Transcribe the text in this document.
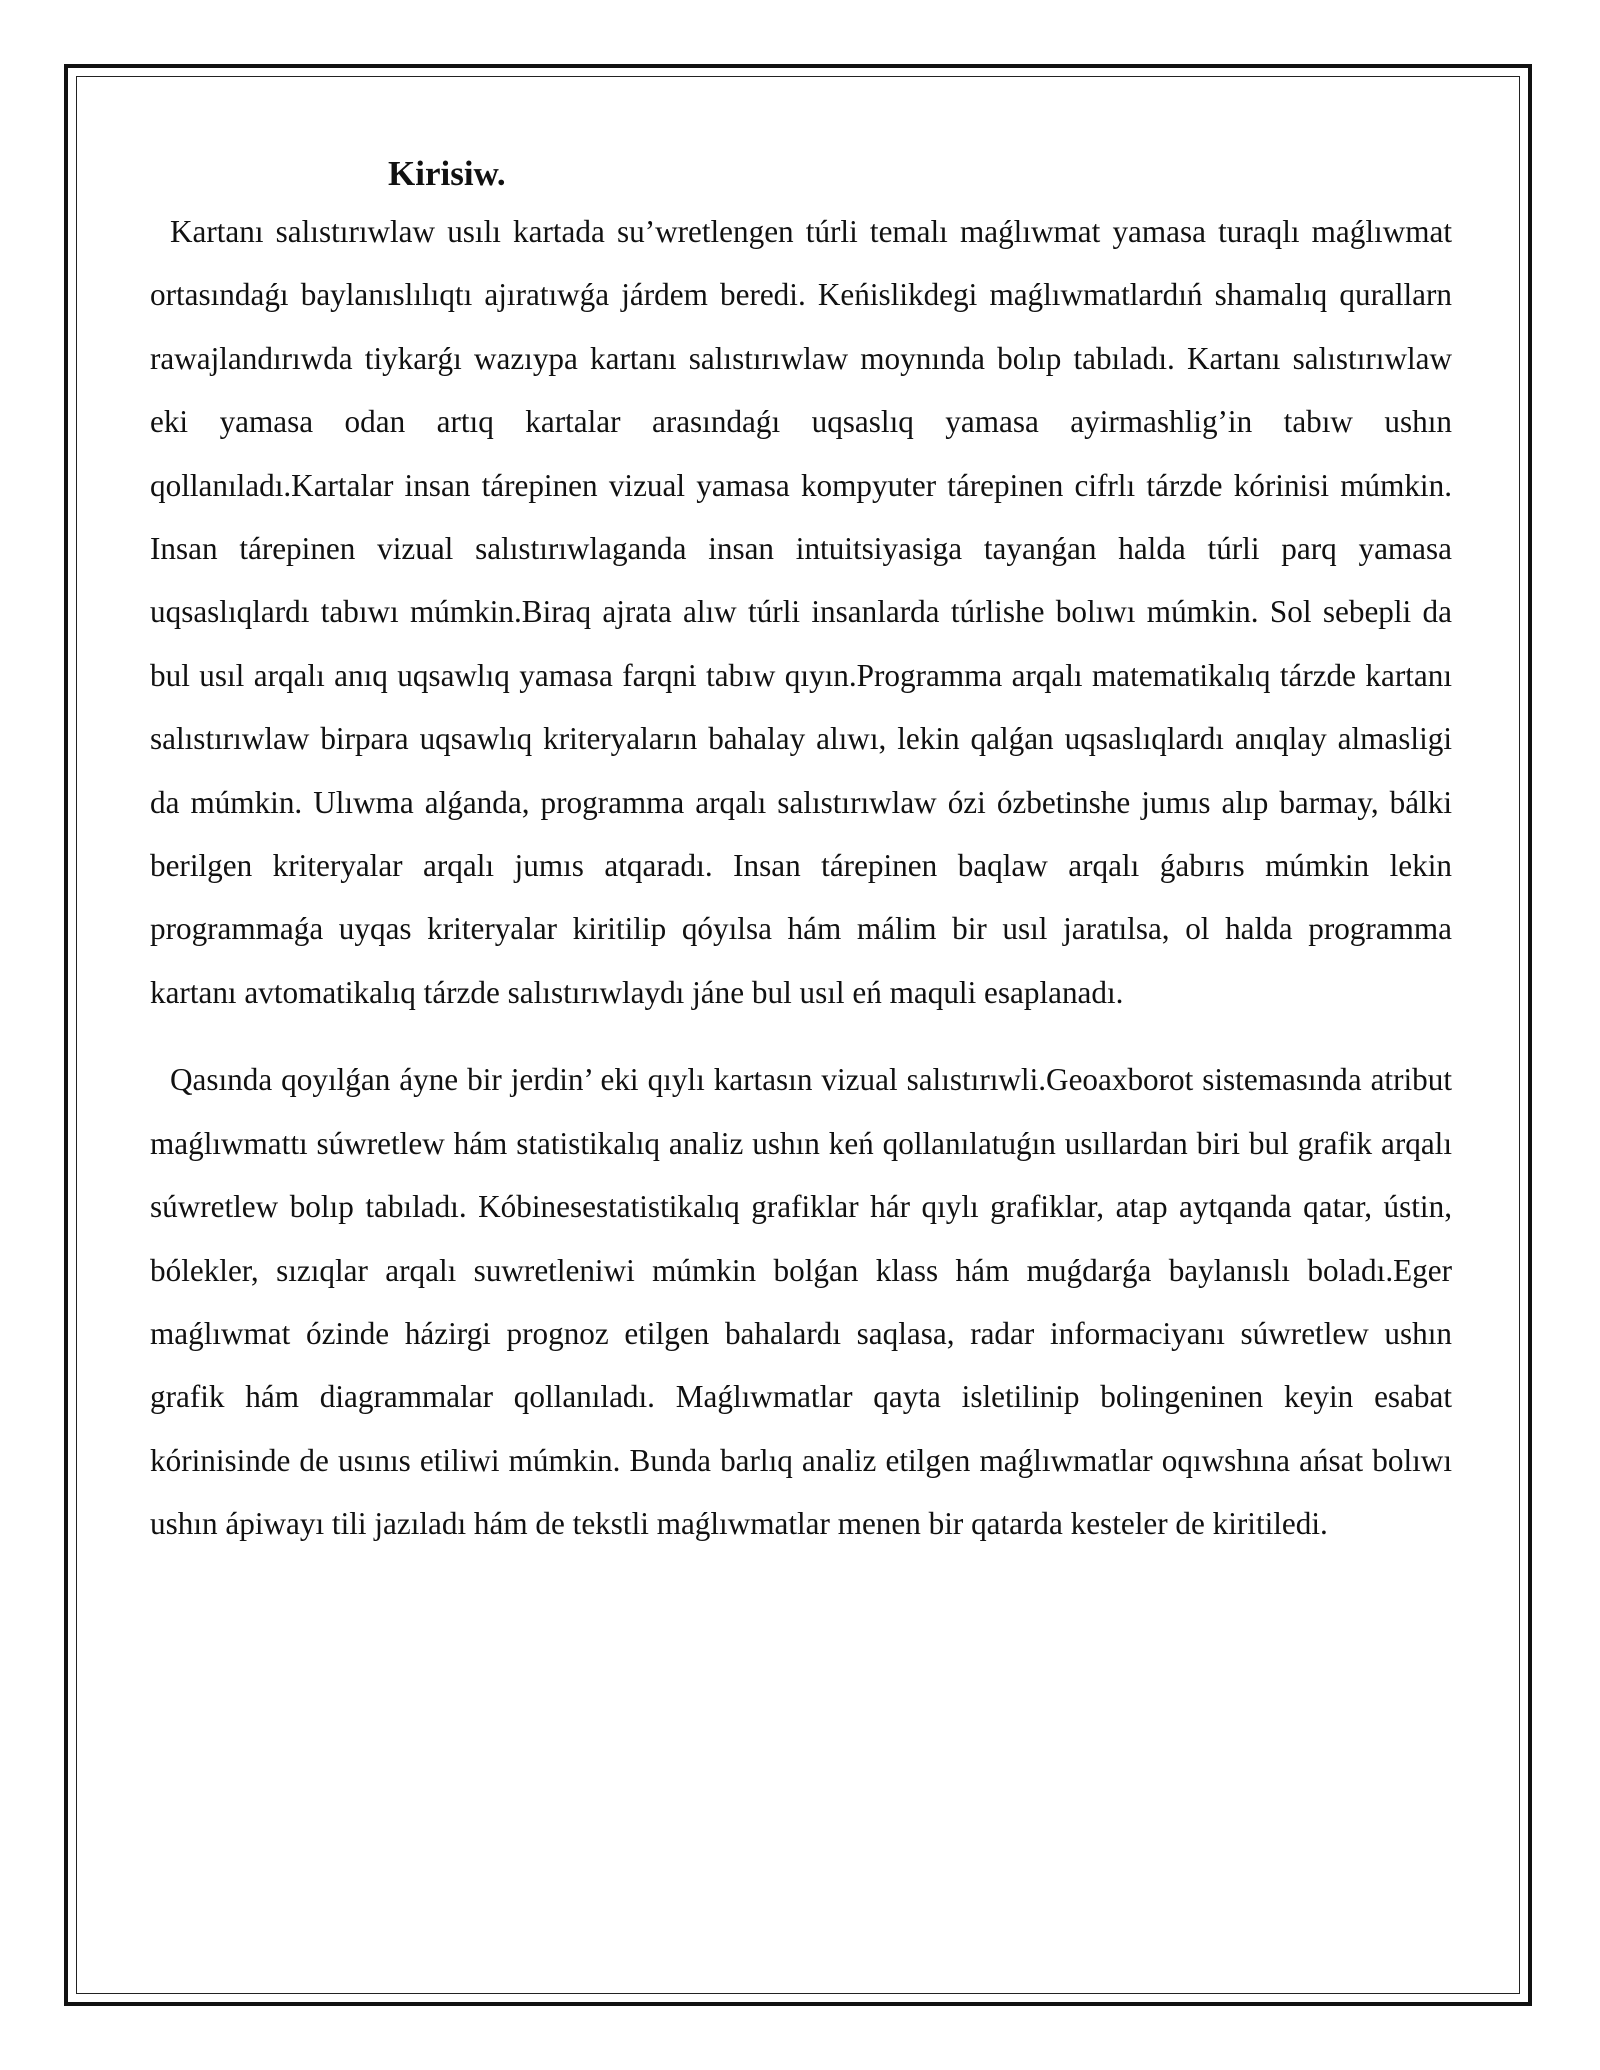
Kirisiw.

Kartanı salıstırıwlaw usılı kartada su’wretlengen túrli temalı maǵlıwmat yamasa turaqlı maǵlıwmat ortasındaǵı baylanıslılıqtı ajıratıwǵa járdem beredi. Keńislikdegi maǵlıwmatlardıń shamalıq qurallarn rawajlandırıwda tiykarǵı wazıypa kartanı salıstırıwlaw moynında bolıp tabıladı. Kartanı salıstırıwlaw eki yamasa odan artıq kartalar arasındaǵı uqsaslıq yamasa ayirmashlig’in tabıw ushın qollanıladı.Kartalar insan tárepinen vizual yamasa kompyuter tárepinen cifrlı tárzde kórinisi múmkin. Insan tárepinen vizual salıstırıwlaganda insan intuitsiyasiga tayanǵan halda túrli parq yamasa uqsaslıqlardı tabıwı múmkin.Biraq ajrata alıw túrli insanlarda túrlishe bolıwı múmkin. Sol sebepli da bul usıl arqalı anıq uqsawlıq yamasa farqni tabıw qıyın.Programma arqalı matematikalıq tárzde kartanı salıstırıwlaw birpara uqsawlıq kriteryaların bahalay alıwı, lekin qalǵan uqsaslıqlardı anıqlay almasligi da múmkin. Ulıwma alǵanda, programma arqalı salıstırıwlaw ózi ózbetinshe jumıs alıp barmay, bálki berilgen kriteryalar arqalı jumıs atqaradı. Insan tárepinen baqlaw arqalı ǵabırıs múmkin lekin programmaǵa uyqas kriteryalar kiritilip qóyılsa hám málim bir usıl jaratılsa, ol halda programma kartanı avtomatikalıq tárzde salıstırıwlaydı jáne bul usıl eń maquli esaplanadı.

Qasında qoyılǵan áyne bir jerdin’ eki qıylı kartasın vizual salıstırıwli.Geoaxborot sistemasında atribut maǵlıwmattı súwretlew hám statistikalıq analiz ushın keń qollanılatuǵın usıllardan biri bul grafik arqalı súwretlew bolıp tabıladı. Kóbinesestatistikalıq grafiklar hár qıylı grafiklar, atap aytqanda qatar, ústin, bólekler, sızıqlar arqalı suwretleniwi múmkin bolǵan klass hám muǵdarǵa baylanıslı boladı.Eger maǵlıwmat ózinde házirgi prognoz etilgen bahalardı saqlasa, radar informaciyanı súwretlew ushın grafik hám diagrammalar qollanıladı. Maǵlıwmatlar qayta isletilinip bolingeninen keyin esabat kórinisinde de usınıs etiliwi múmkin. Bunda barlıq analiz etilgen maǵlıwmatlar oqıwshına ańsat bolıwı ushın ápiwayı tili jazıladı hám de tekstli maǵlıwmatlar menen bir qatarda kesteler de kiritiledi.
